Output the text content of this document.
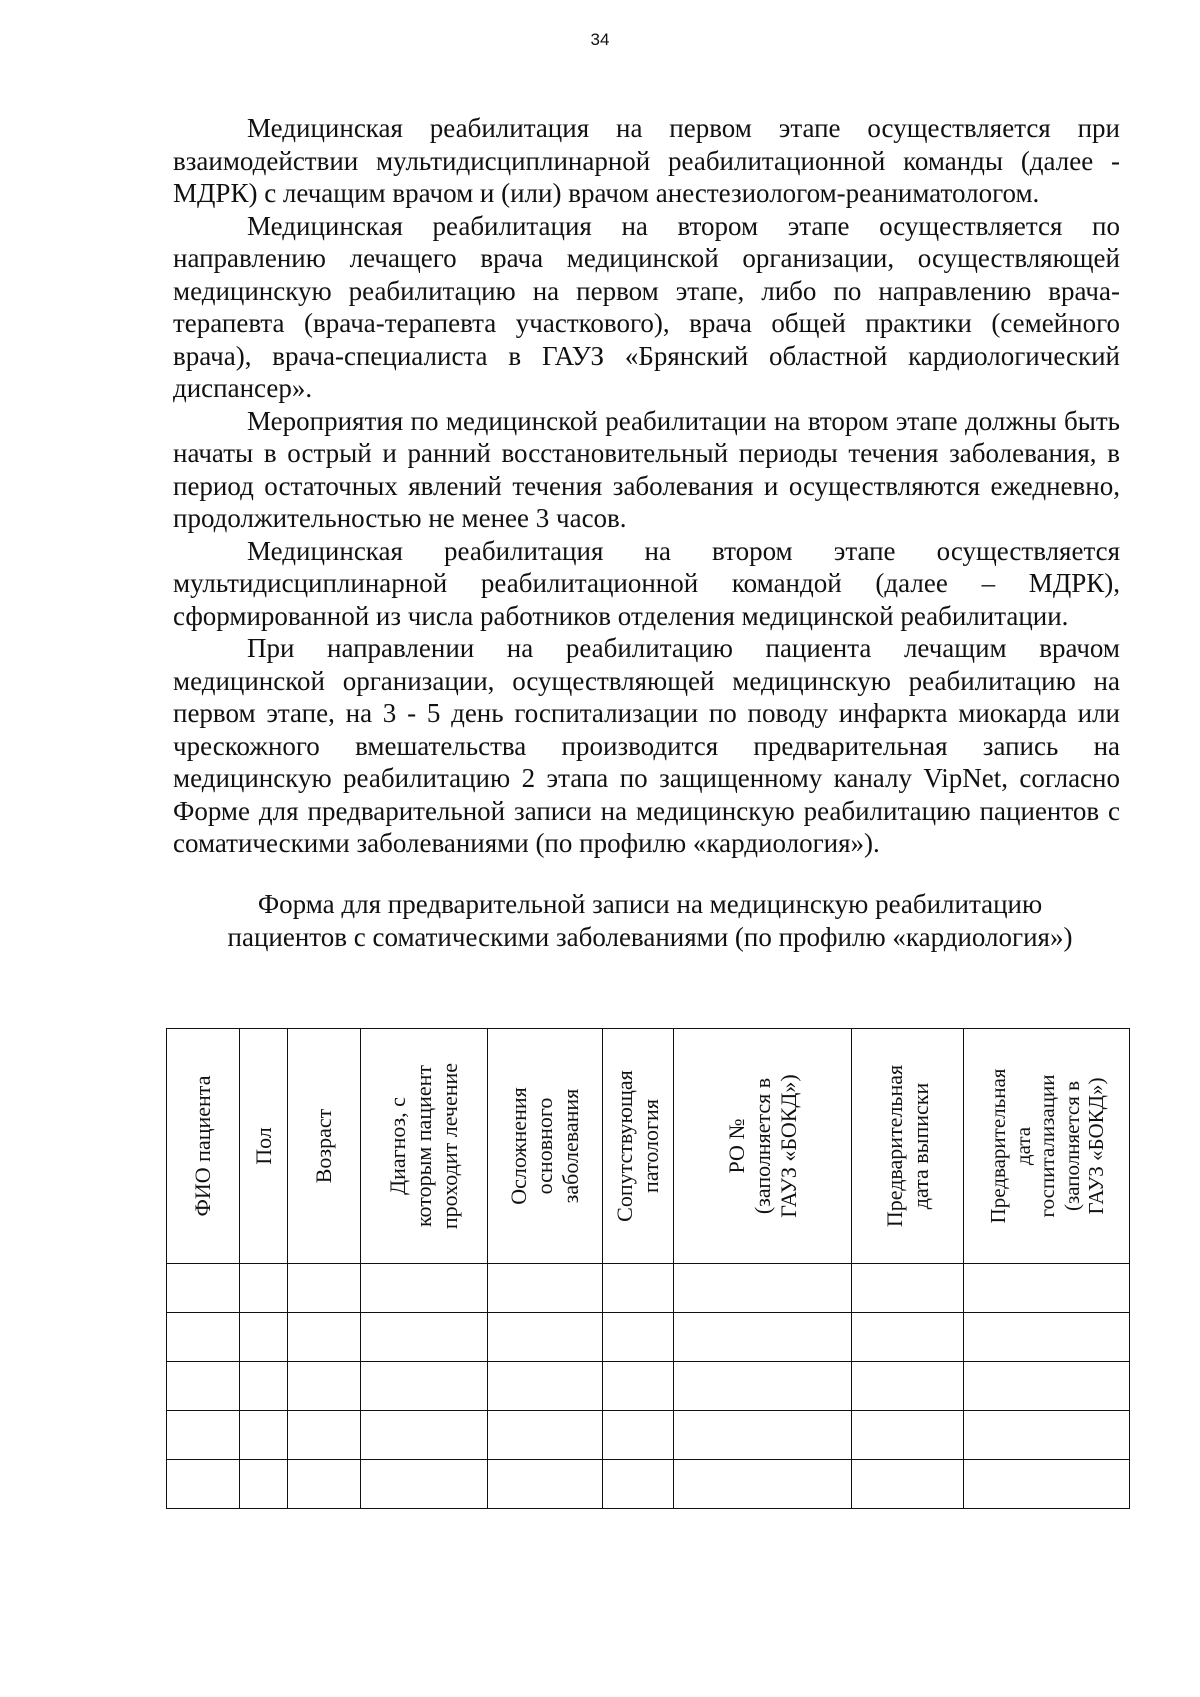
34

Медицинская реабилитация на первом этапе осуществляется при взаимодействии мультидисциплинарной реабилитационной команды (далее - МДРК) с лечащим врачом и (или) врачом анестезиологом-реаниматологом.

Медицинская реабилитация на втором этапе осуществляется по направлению лечащего врача медицинской организации, осуществляющей медицинскую реабилитацию на первом этапе, либо по направлению врача-терапевта (врача-терапевта участкового), врача общей практики (семейного врача), врача-специалиста в ГАУЗ «Брянский областной кардиологический диспансер».

Мероприятия по медицинской реабилитации на втором этапе должны быть начаты в острый и ранний восстановительный периоды течения заболевания, в период остаточных явлений течения заболевания и осуществляются ежедневно, продолжительностью не менее 3 часов.

Медицинская реабилитация на втором этапе осуществляется мультидисциплинарной реабилитационной командой (далее – МДРК), сформированной из числа работников отделения медицинской реабилитации.

При направлении на реабилитацию пациента лечащим врачом медицинской организации, осуществляющей медицинскую реабилитацию на первом этапе, на 3 - 5 день госпитализации по поводу инфаркта миокарда или чрескожного вмешательства производится предварительная запись на медицинскую реабилитацию 2 этапа по защищенному каналу VipNet, согласно Форме для предварительной записи на медицинскую реабилитацию пациентов с соматическими заболеваниями (по профилю «кардиология»).

Форма для предварительной записи на медицинскую реабилитацию
пациентов с соматическими заболеваниями (по профилю «кардиология»)
ФИО пациента	Пол	Возраст	Диагноз, с которым пациент проходит лечение	Осложнения основного заболевания	Сопутствующая патология	РО № (заполняется в ГАУЗ «БОКД»)	Предварительная дата выписки	Предварительная дата госпитализации (заполняется в ГАУЗ «БОКД»)
